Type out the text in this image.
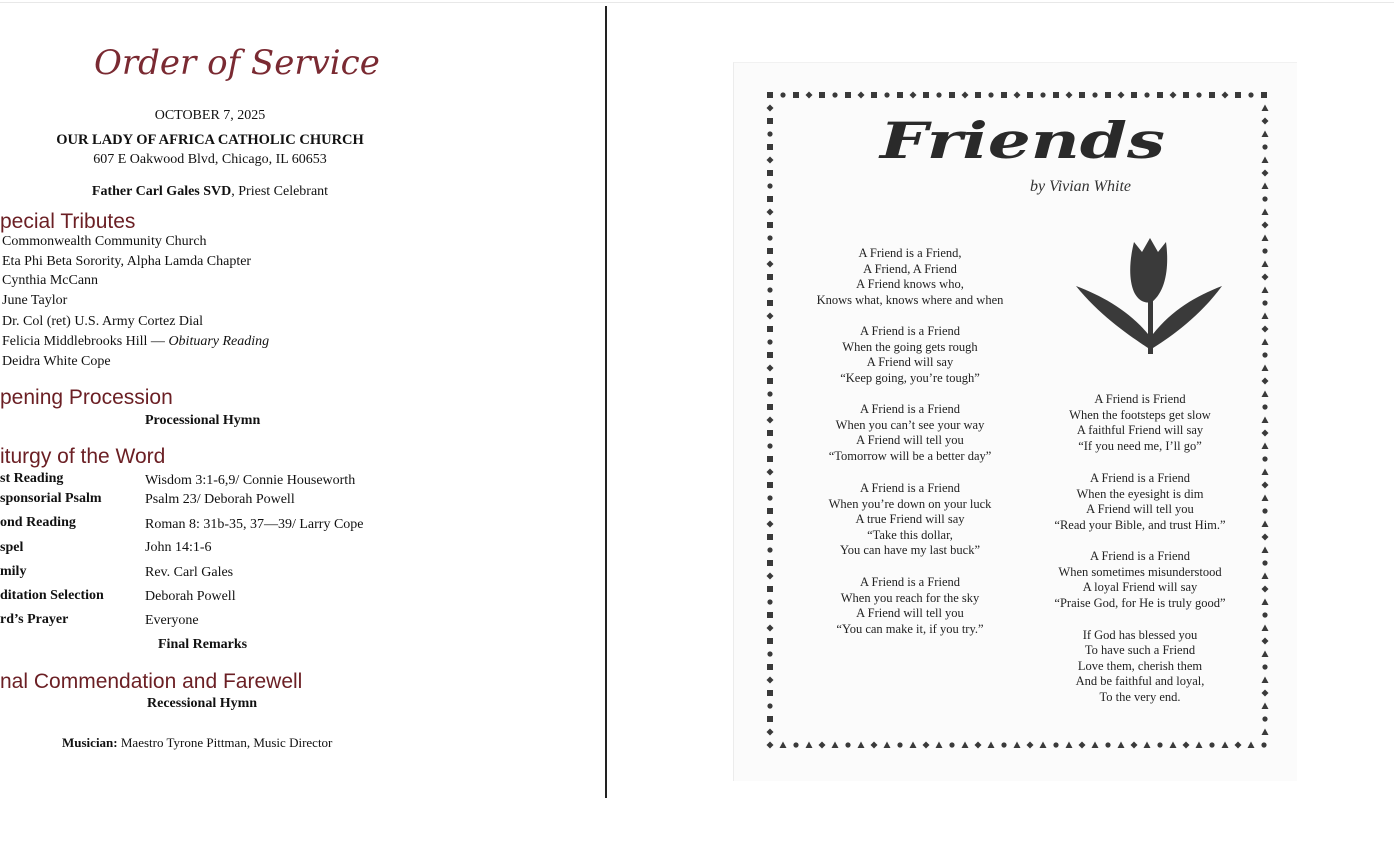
Order of Service
OCTOBER 7, 2025
OUR LADY OF AFRICA CATHOLIC CHURCH
607 E Oakwood Blvd, Chicago, IL 60653
Father Carl Gales SVD, Priest Celebrant
pecial Tributes
Commonwealth Community Church
Eta Phi Beta Sorority, Alpha Lamda Chapter
Cynthia McCann
June Taylor
Dr. Col (ret) U.S. Army Cortez Dial
Felicia Middlebrooks Hill — Obituary Reading
Deidra White Cope
pening Procession
Processional Hymn
iturgy of the Word
st Reading	Wisdom 3:1-6,9/ Connie Houseworth
sponsorial Psalm	Psalm 23/ Deborah Powell
ond Reading	Roman 8: 31b-35, 37—39/ Larry Cope
spel	John 14:1-6
mily	Rev. Carl Gales
ditation Selection	Deborah Powell
rd’s Prayer	Everyone
Final Remarks
nal Commendation and Farewell
Recessional Hymn
Musician: Maestro Tyrone Pittman, Music Director
Friends
by Vivian White
A Friend is a Friend,
A Friend, A Friend
A Friend knows who,
Knows what, knows where and when
A Friend is a Friend
When the going gets rough
A Friend will say
“Keep going, you’re tough”
A Friend is a Friend
When you can’t see your way
A Friend will tell you
“Tomorrow will be a better day”
A Friend is a Friend
When you’re down on your luck
A true Friend will say
“Take this dollar,
You can have my last buck”
A Friend is a Friend
When you reach for the sky
A Friend will tell you
“You can make it, if you try.”
A Friend is Friend
When the footsteps get slow
A faithful Friend will say
“If you need me, I’ll go”
A Friend is a Friend
When the eyesight is dim
A Friend will tell you
“Read your Bible, and trust Him.”
A Friend is a Friend
When sometimes misunderstood
A loyal Friend will say
“Praise God, for He is truly good”
If God has blessed you
To have such a Friend
Love them, cherish them
And be faithful and loyal,
To the very end.
